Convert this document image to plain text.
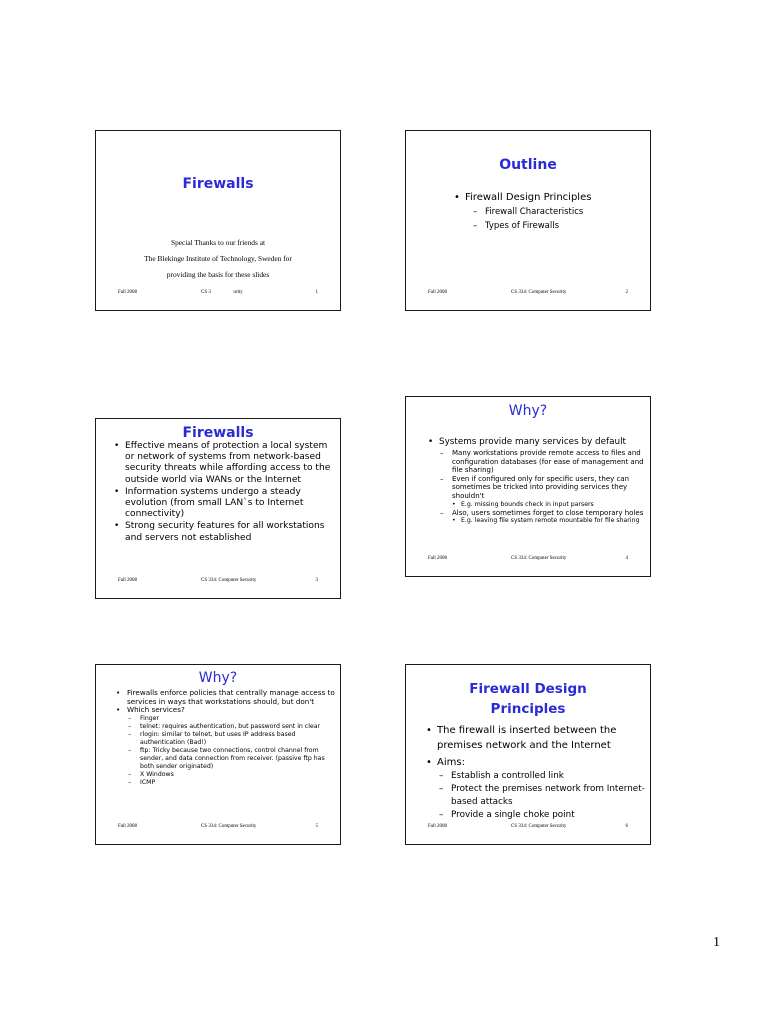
Firewalls
Special Thanks to our friends at
The Blekinge Institute of Technology, Sweden for
providing the basis for these slides
Fall 2008	CS 3                  urity	1
Outline
• Firewall Design Principles
– Firewall Characteristics
– Types of Firewalls
Fall 2008	CS 334: Computer Security	2
Firewalls
• Effective means of protection a local system or network of systems from network-based security threats while affording access to the outside world via WANs or the Internet
• Information systems undergo a steady evolution (from small LAN`s to Internet connectivity)
• Strong security features for all workstations and servers not established
Fall 2008	CS 334: Computer Security	3
Why?
• Systems provide many services by default
– Many workstations provide remote access to files and configuration databases (for ease of management and file sharing)
– Even if configured only for specific users, they can sometimes be tricked into providing services they shouldn't
• E.g. missing bounds check in input parsers
– Also, users sometimes forget to close temporary holes
• E.g. leaving file system remote mountable for file sharing
Fall 2008	CS 334: Computer Security	4
Why?
• Firewalls enforce policies that centrally manage access to services in ways that workstations should, but don't
• Which services?
– Finger
– telnet: requires authentication, but password sent in clear
– rlogin: similar to telnet, but uses IP address based authentication (Bad!)
– ftp: Tricky because two connections, control channel from sender, and data connection from receiver. (passive ftp has both sender originated)
– X Windows
– ICMP
Fall 2008	CS 334: Computer Security	5
Firewall Design
Principles
• The firewall is inserted between the premises network and the Internet
• Aims:
– Establish a controlled link
– Protect the premises network from Internet-based attacks
– Provide a single choke point
Fall 2008	CS 334: Computer Security	6
1
